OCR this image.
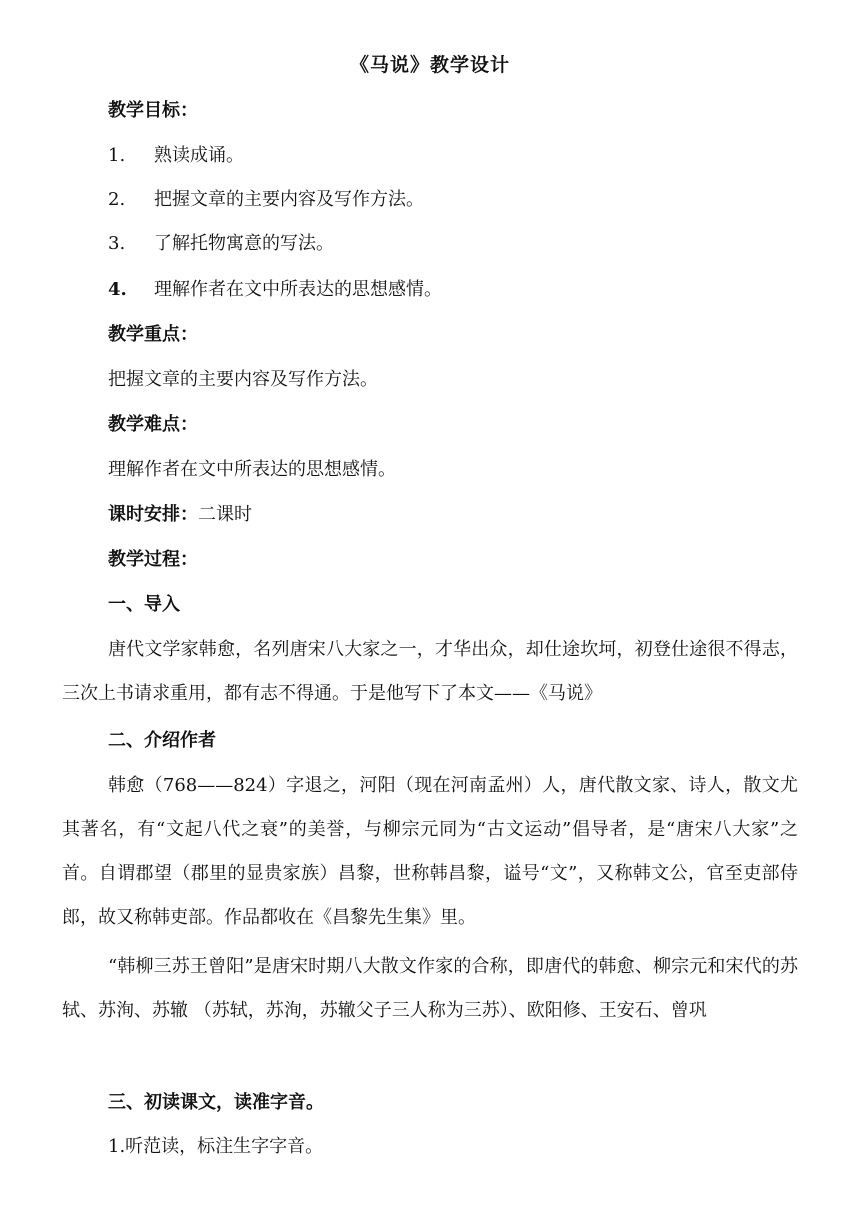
《马说》教学设计
教学目标：
1. 熟读成诵。
2. 把握文章的主要内容及写作方法。
3. 了解托物寓意的写法。
4. 理解作者在文中所表达的思想感情。
教学重点：
把握文章的主要内容及写作方法。
教学难点：
理解作者在文中所表达的思想感情。
课时安排：二课时
教学过程：
一、导入
唐代文学家韩愈，名列唐宋八大家之一，才华出众，却仕途坎坷，初登仕途很不得志，三次上书请求重用，都有志不得通。于是他写下了本文——《马说》
二、介绍作者
韩愈（768——824）字退之，河阳（现在河南孟州）人，唐代散文家、诗人，散文尤其著名，有“文起八代之衰”的美誉，与柳宗元同为“古文运动”倡导者，是“唐宋八大家”之首。自谓郡望（郡里的显贵家族）昌黎，世称韩昌黎，谥号“文”，又称韩文公，官至吏部侍郎，故又称韩吏部。作品都收在《昌黎先生集》里。
“韩柳三苏王曾阳”是唐宋时期八大散文作家的合称，即唐代的韩愈、柳宗元和宋代的苏轼、苏洵、苏辙 （苏轼，苏洵，苏辙父子三人称为三苏）、欧阳修、王安石、曾巩
三、初读课文，读准字音。
1.听范读，标注生字字音。
